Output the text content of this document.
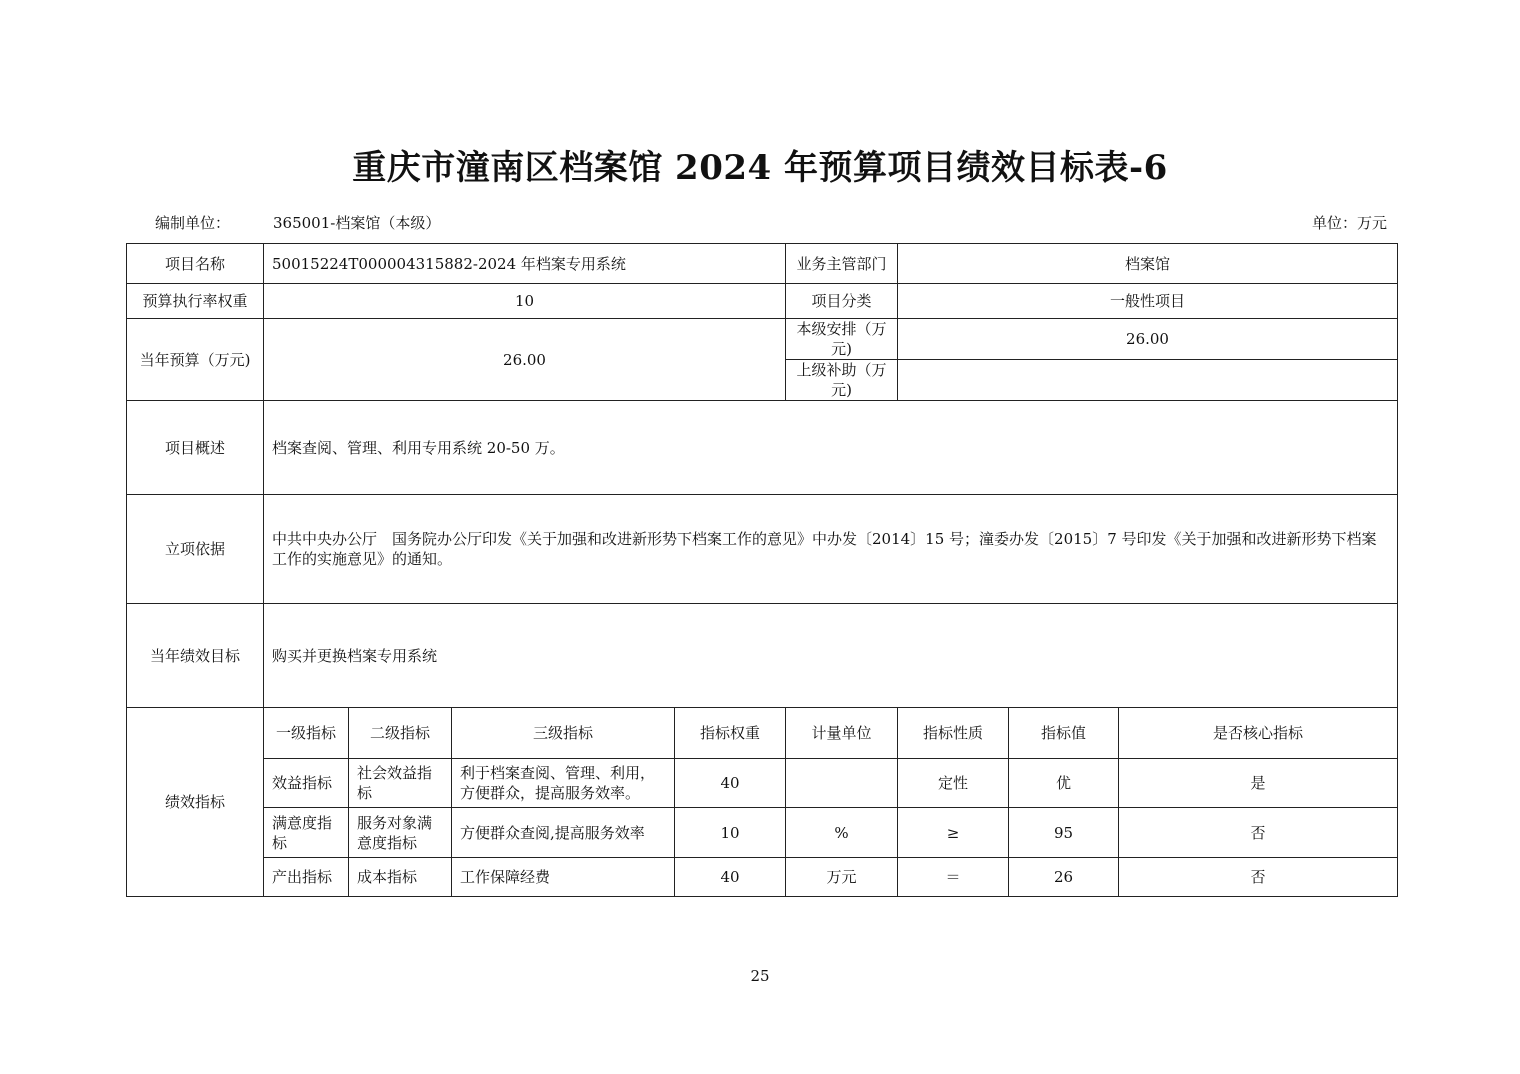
重庆市潼南区档案馆 2024 年预算项目绩效目标表-6
编制单位：	365001-档案馆（本级）	单位：万元
项目名称	50015224T000004315882-2024 年档案专用系统				业务主管部门	档案馆		
预算执行率权重	10				项目分类	一般性项目		
当年预算（万元)	26.00				本级安排（万元)	26.00		
					上级补助（万元)			
项目概述	档案查阅、管理、利用专用系统 20-50 万。							
立项依据	中共中央办公厅　国务院办公厅印发《关于加强和改进新形势下档案工作的意见》中办发〔2014〕15 号；潼委办发〔2015〕7 号印发《关于加强和改进新形势下档案工作的实施意见》的通知。							
当年绩效目标	购买并更换档案专用系统							
绩效指标	一级指标	二级指标	三级指标	指标权重	计量单位	指标性质	指标值	是否核心指标
	效益指标	社会效益指标	利于档案查阅、管理、利用，方便群众，提高服务效率。	40		定性	优	是
	满意度指标	服务对象满意度指标	方便群众查阅,提高服务效率	10	%	≥	95	否
	产出指标	成本指标	工作保障经费	40	万元	＝	26	否
25
